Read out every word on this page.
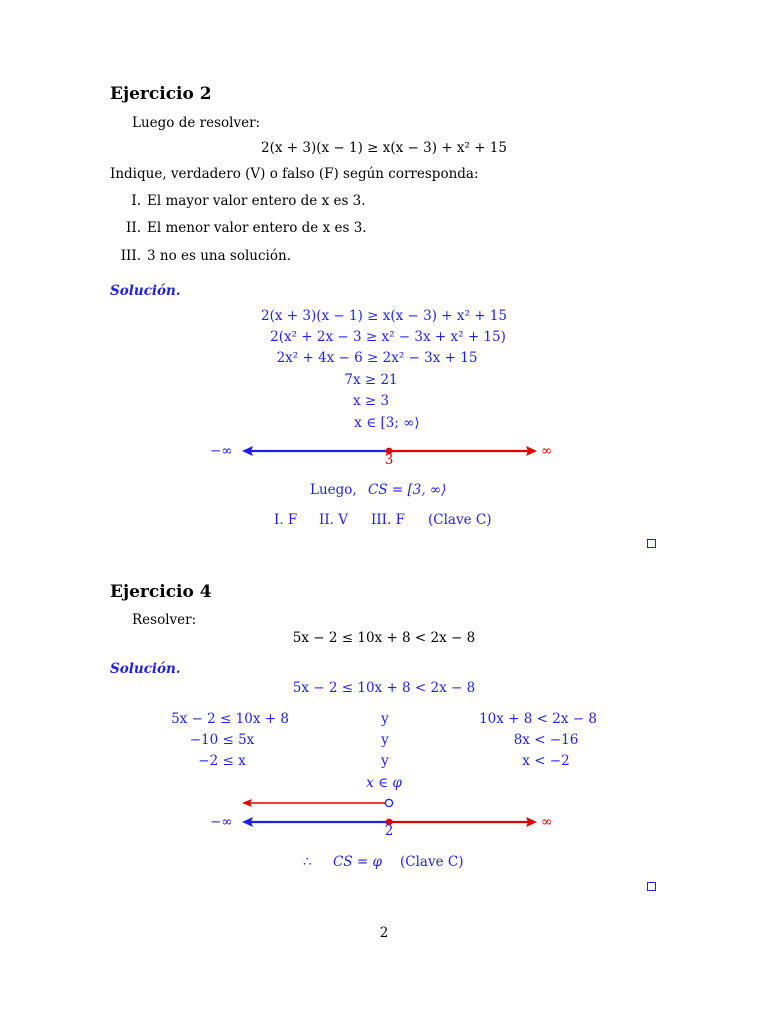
Ejercicio 2
Luego de resolver:
2(x + 3)(x − 1) ≥ x(x − 3) + x² + 15
Indique, verdadero (V) o falso (F) según corresponda:
I. El mayor valor entero de x es 3.
II. El menor valor entero de x es 3.
III. 3 no es una solución.
Solución.
2(x + 3)(x − 1) ≥ x(x − 3) + x² + 15
2(x² + 2x − 3 ≥ x² − 3x + x² + 15)
2x² + 4x − 6 ≥ 2x² − 3x + 15
7x ≥ 21
x ≥ 3
x ∈ [3; ∞⟩
−∞	∞
3
Luego, CS = [3, ∞⟩
I. F II. V III. F (Clave C)
Ejercicio 4
Resolver:
5x − 2 ≤ 10x + 8 < 2x − 8
Solución.
5x − 2 ≤ 10x + 8 < 2x − 8
5x − 2 ≤ 10x + 8	y	10x + 8 < 2x − 8
−10 ≤ 5x	y	8x < −16
−2 ≤ x	y	x < −2
x ∈ φ
−∞	∞
2
∴ CS = φ (Clave C)
2
